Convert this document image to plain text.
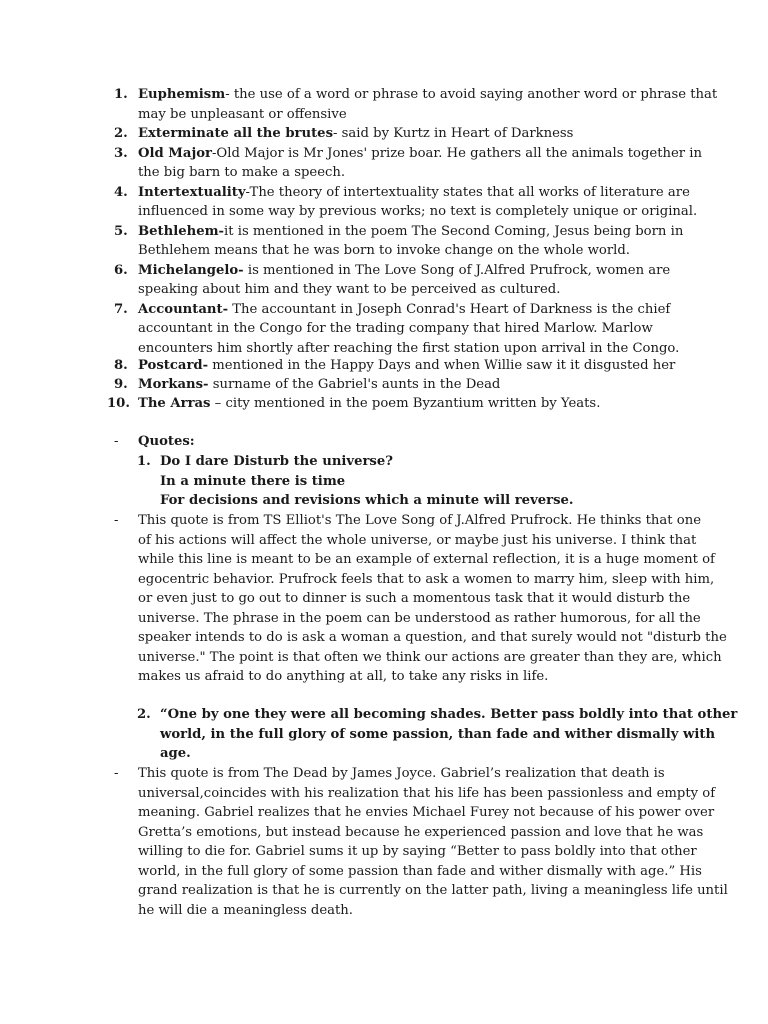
1. Euphemism- the use of a word or phrase to avoid saying another word or phrase that
may be unpleasant or offensive
2. Exterminate all the brutes- said by Kurtz in Heart of Darkness
3. Old Major-Old Major is Mr Jones' prize boar. He gathers all the animals together in
the big barn to make a speech.
4. Intertextuality-The theory of intertextuality states that all works of literature are
influenced in some way by previous works; no text is completely unique or original.
5. Bethlehem-it is mentioned in the poem The Second Coming, Jesus being born in
Bethlehem means that he was born to invoke change on the whole world.
6. Michelangelo- is mentioned in The Love Song of J.Alfred Prufrock, women are
speaking about him and they want to be perceived as cultured.
7. Accountant- The accountant in Joseph Conrad's Heart of Darkness is the chief
accountant in the Congo for the trading company that hired Marlow. Marlow
encounters him shortly after reaching the first station upon arrival in the Congo.
8. Postcard- mentioned in the Happy Days and when Willie saw it it disgusted her
9. Morkans- surname of the Gabriel's aunts in the Dead
10. The Arras – city mentioned in the poem Byzantium written by Yeats.
- Quotes:
1. Do I dare Disturb the universe?
In a minute there is time
For decisions and revisions which a minute will reverse.
- This quote is from TS Elliot's The Love Song of J.Alfred Prufrock. He thinks that one
of his actions will affect the whole universe, or maybe just his universe. I think that
while this line is meant to be an example of external reflection, it is a huge moment of
egocentric behavior. Prufrock feels that to ask a women to marry him, sleep with him,
or even just to go out to dinner is such a momentous task that it would disturb the
universe. The phrase in the poem can be understood as rather humorous, for all the
speaker intends to do is ask a woman a question, and that surely would not "disturb the
universe." The point is that often we think our actions are greater than they are, which
makes us afraid to do anything at all, to take any risks in life.
2. “One by one they were all becoming shades. Better pass boldly into that other
world, in the full glory of some passion, than fade and wither dismally with
age.
- This quote is from The Dead by James Joyce. Gabriel’s realization that death is
universal,coincides with his realization that his life has been passionless and empty of
meaning. Gabriel realizes that he envies Michael Furey not because of his power over
Gretta’s emotions, but instead because he experienced passion and love that he was
willing to die for. Gabriel sums it up by saying “Better to pass boldly into that other
world, in the full glory of some passion than fade and wither dismally with age.” His
grand realization is that he is currently on the latter path, living a meaningless life until
he will die a meaningless death.
